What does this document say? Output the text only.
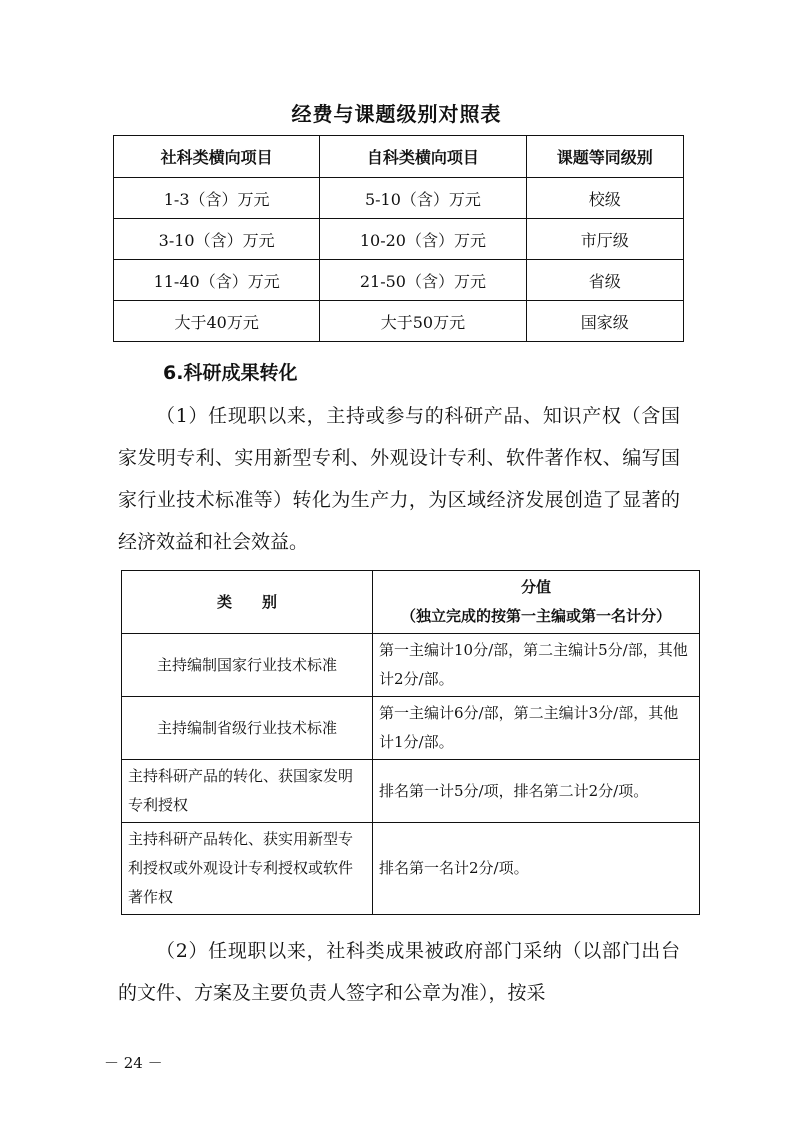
经费与课题级别对照表
社科类横向项目	自科类横向项目	课题等同级别
1-3（含）万元	5-10（含）万元	校级
3-10（含）万元	10-20（含）万元	市厅级
11-40（含）万元	21-50（含）万元	省级
大于40万元	大于50万元	国家级
6.科研成果转化
（1）任现职以来，主持或参与的科研产品、知识产权（含国家发明专利、实用新型专利、外观设计专利、软件著作权、编写国家行业技术标准等）转化为生产力，为区域经济发展创造了显著的经济效益和社会效益。
类　　别	分值
（独立完成的按第一主编或第一名计分）

主持编制国家行业技术标准	第一主编计10分/部，第二主编计5分/部，其他计2分/部。
主持编制省级行业技术标准	第一主编计6分/部，第二主编计3分/部，其他计1分/部。
主持科研产品的转化、获国家发明专利授权	排名第一计5分/项，排名第二计2分/项。
主持科研产品转化、获实用新型专利授权或外观设计专利授权或软件著作权	排名第一名计2分/项。
（2）任现职以来，社科类成果被政府部门采纳（以部门出台的文件、方案及主要负责人签字和公章为准），按采
－ 24 －
